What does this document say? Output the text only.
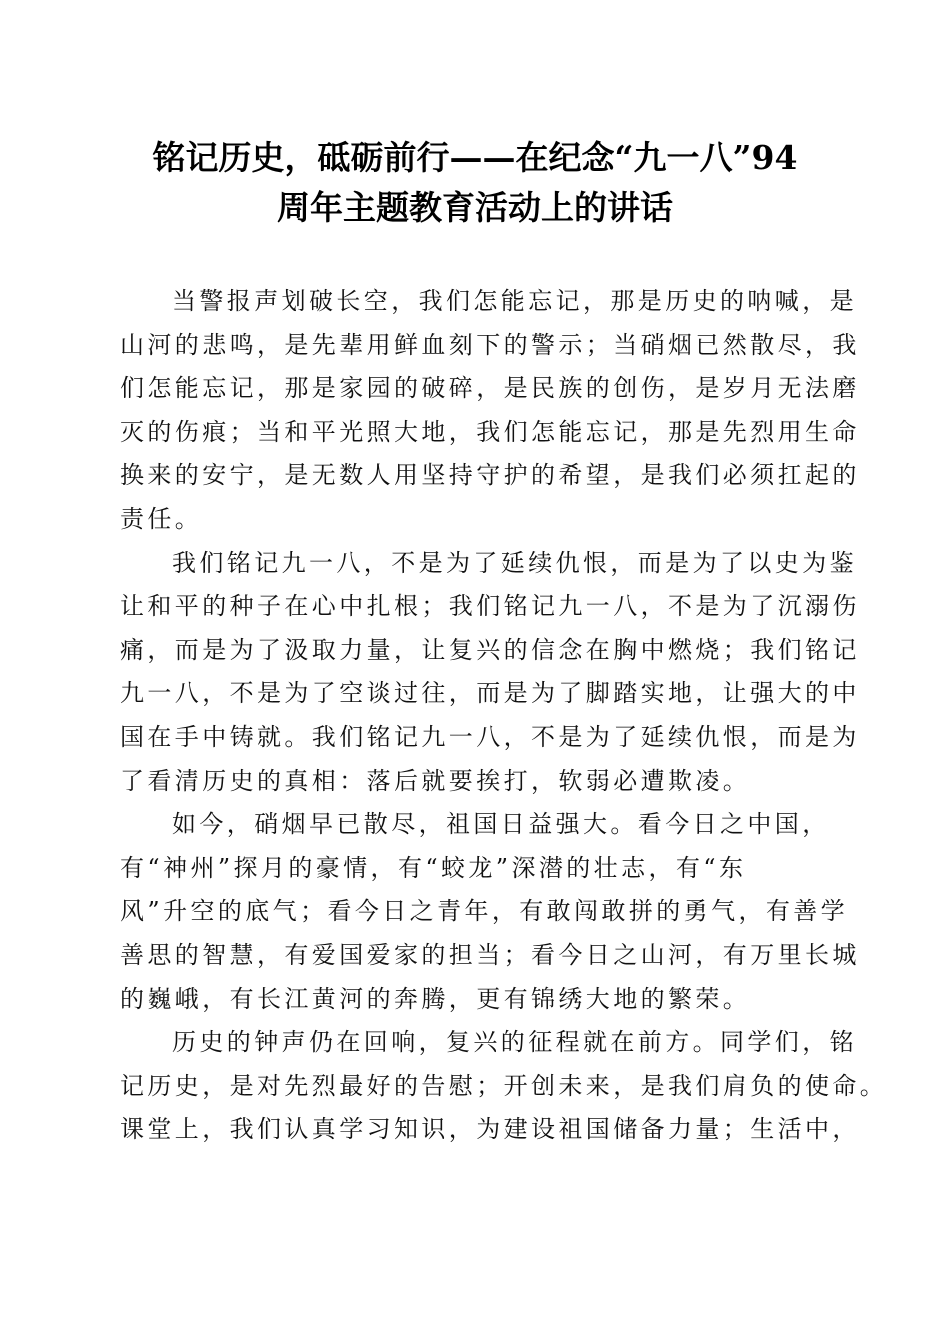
铭记历史，砥砺前行——在纪念“九一八”94
周年主题教育活动上的讲话
当警报声划破长空，我们怎能忘记，那是历史的呐喊，是
山河的悲鸣，是先辈用鲜血刻下的警示；当硝烟已然散尽，我
们怎能忘记，那是家园的破碎，是民族的创伤，是岁月无法磨
灭的伤痕；当和平光照大地，我们怎能忘记，那是先烈用生命
换来的安宁，是无数人用坚持守护的希望，是我们必须扛起的
责任。
我们铭记九一八，不是为了延续仇恨，而是为了以史为鉴
让和平的种子在心中扎根；我们铭记九一八，不是为了沉溺伤
痛，而是为了汲取力量，让复兴的信念在胸中燃烧；我们铭记
九一八，不是为了空谈过往，而是为了脚踏实地，让强大的中
国在手中铸就。我们铭记九一八，不是为了延续仇恨，而是为
了看清历史的真相：落后就要挨打，软弱必遭欺凌。
如今，硝烟早已散尽，祖国日益强大。看今日之中国，
有“神州”探月的豪情，有“蛟龙”深潜的壮志，有“东
风”升空的底气；看今日之青年，有敢闯敢拼的勇气，有善学
善思的智慧，有爱国爱家的担当；看今日之山河，有万里长城
的巍峨，有长江黄河的奔腾，更有锦绣大地的繁荣。
历史的钟声仍在回响，复兴的征程就在前方。同学们，铭
记历史，是对先烈最好的告慰；开创未来，是我们肩负的使命。
课堂上，我们认真学习知识，为建设祖国储备力量；生活中，
